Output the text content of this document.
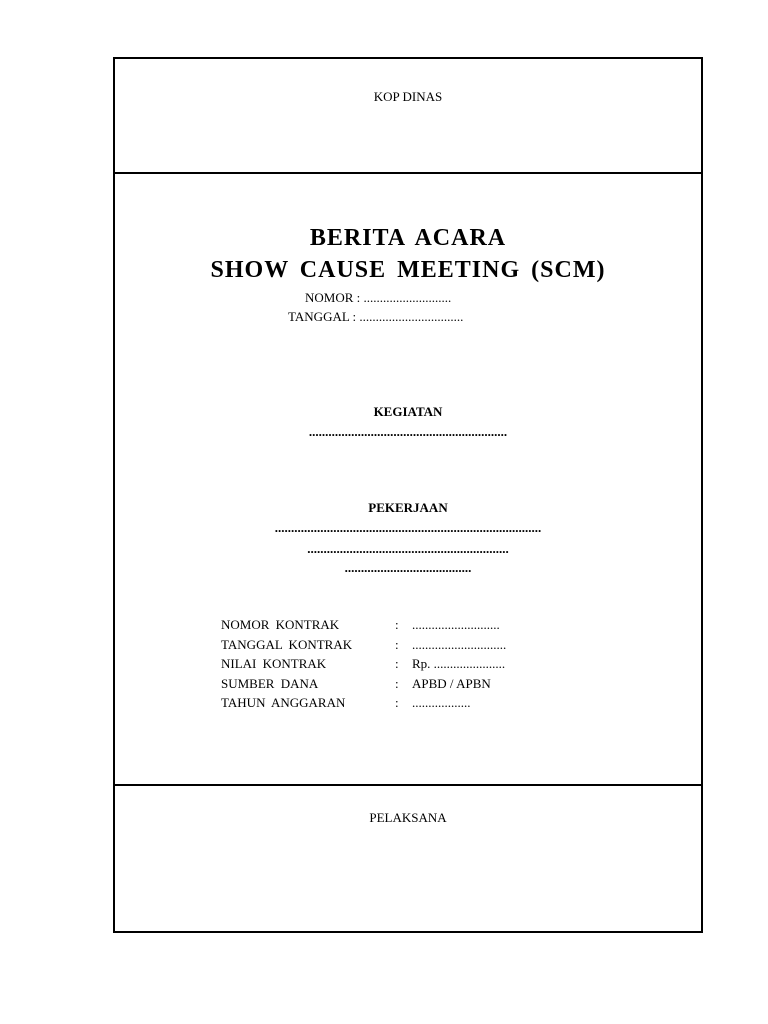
KOP DINAS
BERITA ACARA
SHOW CAUSE MEETING (SCM)
NOMOR : ...........................
TANGGAL : ................................
KEGIATAN
.............................................................
PEKERJAAN
..................................................................................
..............................................................
.......................................
NOMOR KONTRAK	:	...........................
TANGGAL KONTRAK	:	.............................
NILAI KONTRAK	:	Rp. ......................
SUMBER DANA	:	APBD / APBN
TAHUN ANGGARAN	:	..................
PELAKSANA
